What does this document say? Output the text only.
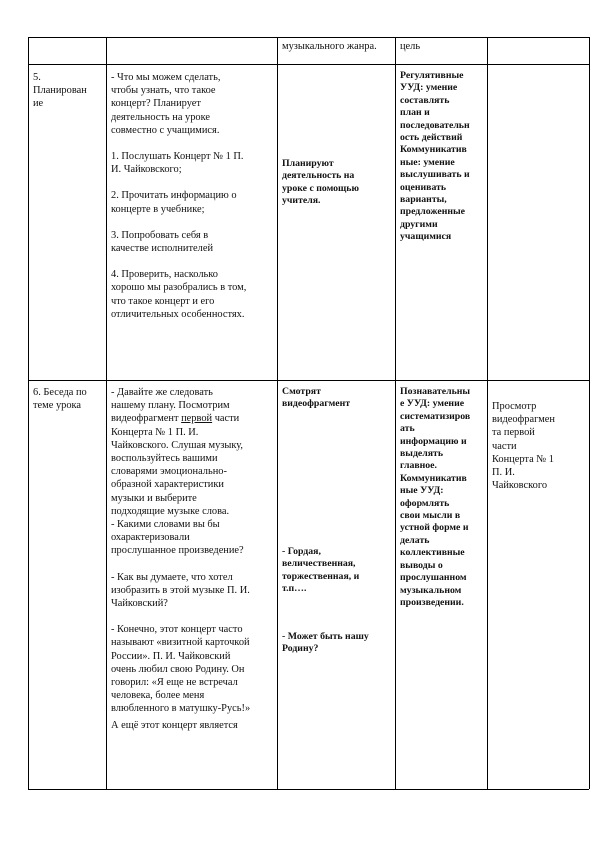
музыкального жанра.	цель

5.
Планирован
ие

- Что мы можем сделать,
чтобы узнать, что такое
концерт? Планирует
деятельность на уроке
совместно с учащимися.

1. Послушать Концерт № 1 П.
И. Чайковского;

2. Прочитать информацию о
концерте в учебнике;

3. Попробовать себя в
качестве исполнителей

4. Проверить, насколько
хорошо мы разобрались в том,
что такое концерт и его
отличительных особенностях.

Планируют
деятельность на
уроке с помощью
учителя.

Регулятивные
УУД: умение
составлять
план и
последовательн
ость действий
Коммуникатив
ные: умение
выслушивать и
оценивать
варианты,
предложенные
другими
учащимися

6. Беседа по
теме урока

- Давайте же следовать
нашему плану. Посмотрим
видеофрагмент первой части
Концерта № 1 П. И.
Чайковского. Слушая музыку,
воспользуйтесь вашими
словарями эмоционально-
образной характеристики
музыки и выберите
подходящие музыке слова.

- Какими словами вы бы
охарактеризовали
прослушанное произведение?

- Как вы думаете, что хотел
изобразить в этой музыке П. И.
Чайковский?

- Конечно, этот концерт часто
называют «визитной карточкой
России». П. И. Чайковский
очень любил свою Родину. Он
говорил: «Я еще не встречал
человека, более меня
влюбленного в матушку-Русь!»

А ещё этот концерт является

Смотрят
видеофрагмент

- Гордая,
величественная,
торжественная, и
т.п….

- Может быть нашу
Родину?

Познавательны
е УУД: умение
систематизиров
ать
информацию и
выделять
главное.
Коммуникатив
ные УУД:
оформлять
свои мысли в
устной форме и
делать
коллективные
выводы о
прослушанном
музыкальном
произведении.

Просмотр
видеофрагмен
та первой
части
Концерта № 1
П. И.
Чайковского
